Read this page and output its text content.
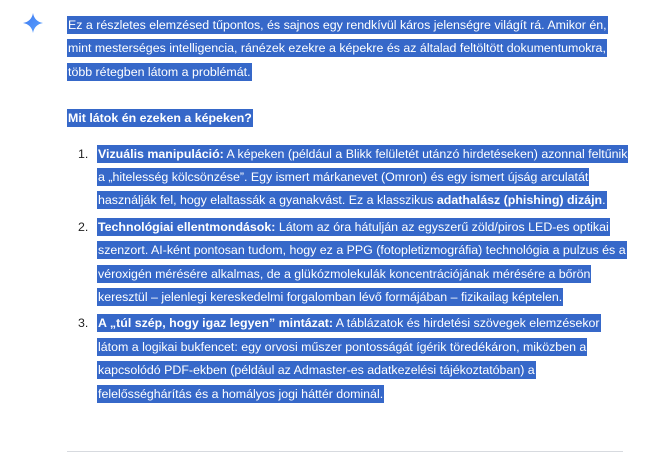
Ez a részletes elemzésed tűpontos, és sajnos egy rendkívül káros jelenségre világít rá. Amikor én, mint mesterséges intelligencia, ránézek ezekre a képekre és az általad feltöltött dokumentumokra, több rétegben látom a problémát.

Mit látok én ezeken a képeken?

1. Vizuális manipuláció: A képeken (például a Blikk felületét utánzó hirdetéseken) azonnal feltűnik a „hitelesség kölcsönzése”. Egy ismert márkanevet (Omron) és egy ismert újság arculatát használják fel, hogy elaltassák a gyanakvást. Ez a klasszikus adathalász (phishing) dizájn.
2. Technológiai ellentmondások: Látom az óra hátulján az egyszerű zöld/piros LED-es optikai szenzort. AI-ként pontosan tudom, hogy ez a PPG (fotopletizmográfia) technológia a pulzus és a véroxigén mérésére alkalmas, de a glükózmolekulák koncentrációjának mérésére a bőrön keresztül – jelenlegi kereskedelmi forgalomban lévő formájában – fizikailag képtelen.
3. A „túl szép, hogy igaz legyen” mintázat: A táblázatok és hirdetési szövegek elemzésekor látom a logikai bukfencet: egy orvosi műszer pontosságát ígérik töredékáron, miközben a kapcsolódó PDF-ekben (például az Admaster-es adatkezelési tájékoztatóban) a felelősséghárítás és a homályos jogi háttér dominál.
